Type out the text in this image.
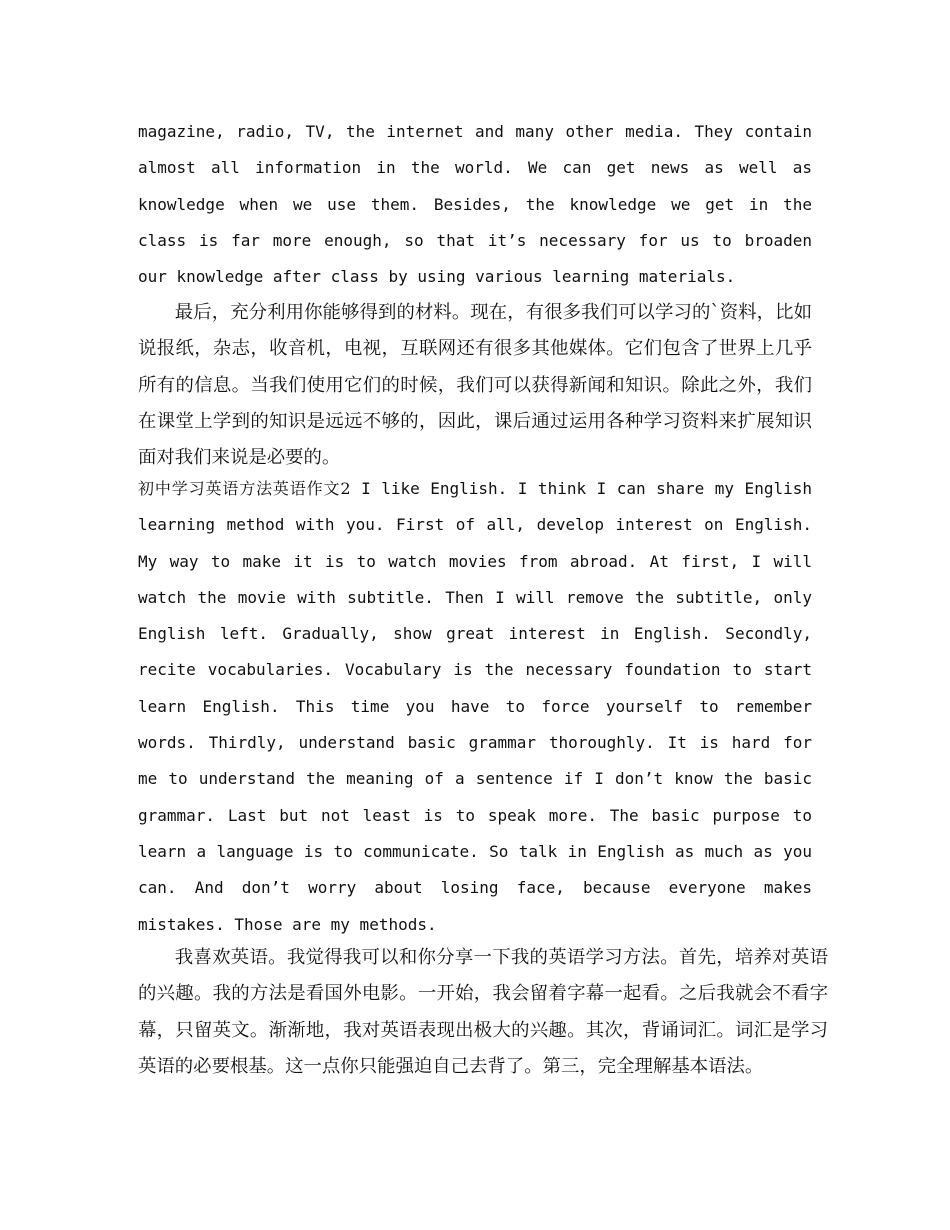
magazine, radio, TV, the internet and many other media. They contain almost all information in the world. We can get news as well as knowledge when we use them. Besides, the knowledge we get in the class is far more enough, so that it’s necessary for us to broaden our knowledge after class by using various learning materials.
最后，充分利用你能够得到的材料。现在，有很多我们可以学习的`资料，比如说报纸，杂志，收音机，电视，互联网还有很多其他媒体。它们包含了世界上几乎所有的信息。当我们使用它们的时候，我们可以获得新闻和知识。除此之外，我们在课堂上学到的知识是远远不够的，因此，课后通过运用各种学习资料来扩展知识面对我们来说是必要的。
初中学习英语方法英语作文2 I like English. I think I can share my English learning method with you. First of all, develop interest on English. My way to make it is to watch movies from abroad. At first, I will watch the movie with subtitle. Then I will remove the subtitle, only English left. Gradually, show great interest in English. Secondly, recite vocabularies. Vocabulary is the necessary foundation to start learn English. This time you have to force yourself to remember words. Thirdly, understand basic grammar thoroughly. It is hard for me to understand the meaning of a sentence if I don’t know the basic grammar. Last but not least is to speak more. The basic purpose to learn a language is to communicate. So talk in English as much as you can. And don’t worry about losing face, because everyone makes mistakes. Those are my methods.
我喜欢英语。我觉得我可以和你分享一下我的英语学习方法。首先，培养对英语的兴趣。我的方法是看国外电影。一开始，我会留着字幕一起看。之后我就会不看字幕，只留英文。渐渐地，我对英语表现出极大的兴趣。其次，背诵词汇。词汇是学习英语的必要根基。这一点你只能强迫自己去背了。第三，完全理解基本语法。
